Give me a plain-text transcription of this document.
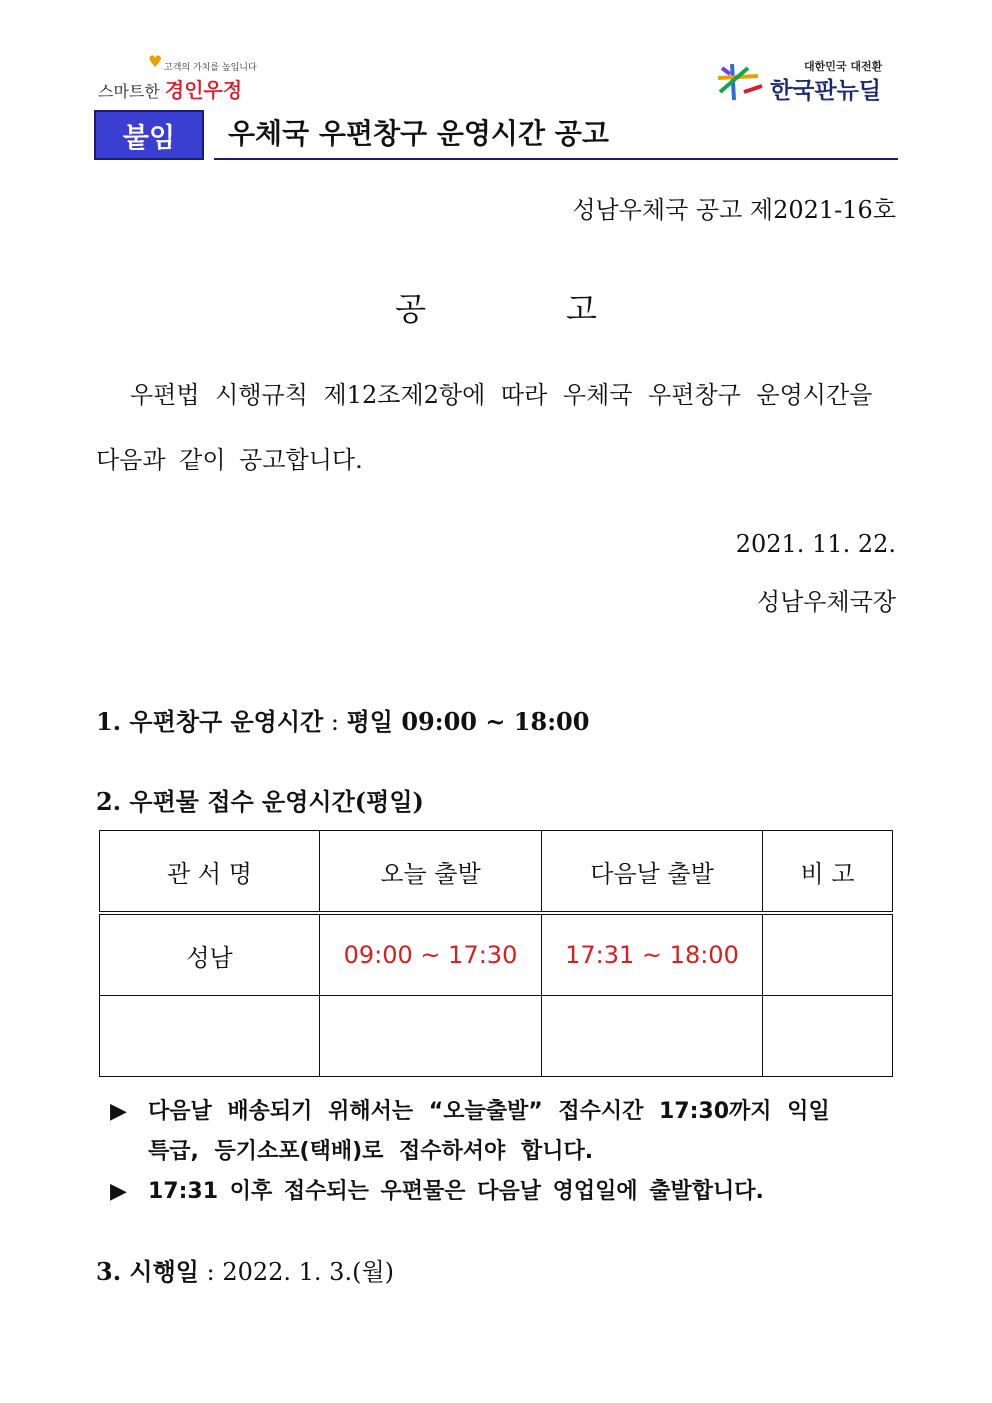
♥ 고객의 가치를 높입니다
스마트한 경인우정
대한민국 대전환
한국판뉴딜
붙임	우체국 우편창구 운영시간 공고
성남우체국 공고 제2021-16호
공	고
우편법 시행규칙 제12조제2항에 따라 우체국 우편창구 운영시간을
다음과 같이 공고합니다.
2021. 11. 22.
성남우체국장
1. 우편창구 운영시간 : 평일 09:00 ~ 18:00
2. 우편물 접수 운영시간(평일)
관 서 명	오늘 출발	다음날 출발	비 고
성남	09:00 ~ 17:30	17:31 ~ 18:00	

▶ 다음날 배송되기 위해서는 “오늘출발” 접수시간 17:30까지 익일
특급, 등기소포(택배)로 접수하셔야 합니다.
▶ 17:31 이후 접수되는 우편물은 다음날 영업일에 출발합니다.
3. 시행일 : 2022. 1. 3.(월)
